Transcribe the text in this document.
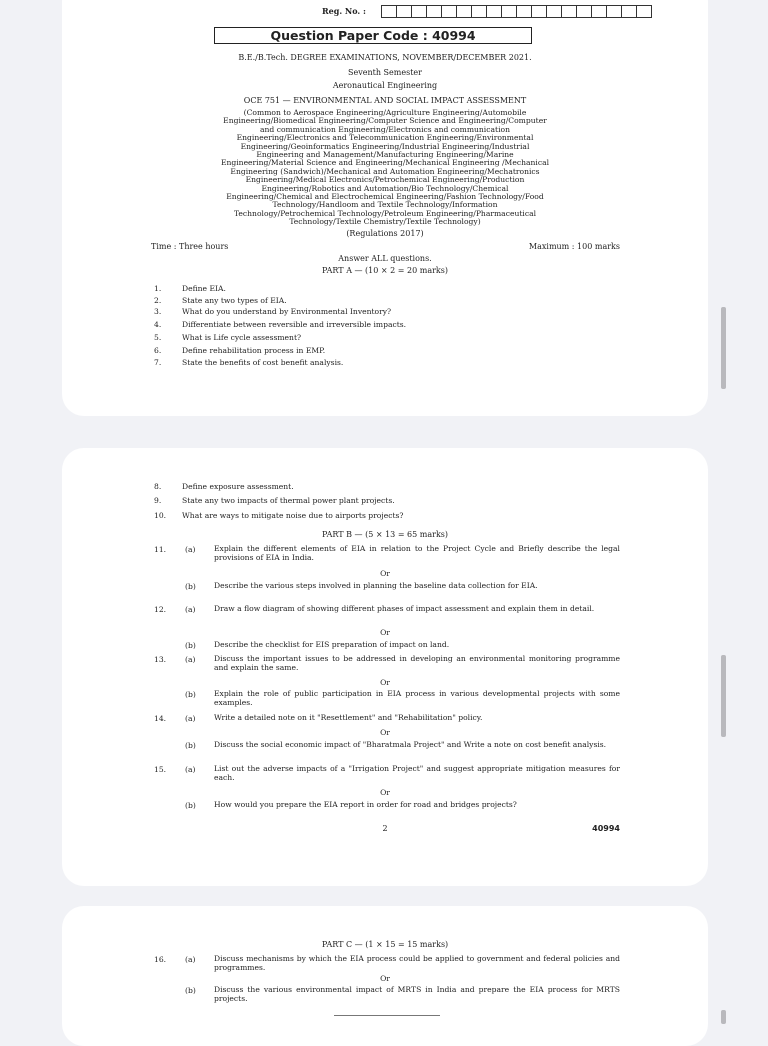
Reg. No. :
Question Paper Code : 40994
B.E./B.Tech. DEGREE EXAMINATIONS, NOVEMBER/DECEMBER 2021.
Seventh Semester
Aeronautical Engineering
OCE 751 — ENVIRONMENTAL AND SOCIAL IMPACT ASSESSMENT
(Common to Aerospace Engineering/Agriculture Engineering/Automobile
Engineering/Biomedical Engineering/Computer Science and Engineering/Computer
and communication Engineering/Electronics and communication
Engineering/Electronics and Telecommunication Engineering/Environmental
Engineering/Geoinformatics Engineering/Industrial Engineering/Industrial
Engineering and Management/Manufacturing Engineering/Marine
Engineering/Material Science and Engineering/Mechanical Engineering /Mechanical
Engineering (Sandwich)/Mechanical and Automation Engineering/Mechatronics
Engineering/Medical Electronics/Petrochemical Engineering/Production
Engineering/Robotics and Automation/Bio Technology/Chemical
Engineering/Chemical and Electrochemical Engineering/Fashion Technology/Food
Technology/Handloom and Textile Technology/Information
Technology/Petrochemical Technology/Petroleum Engineering/Pharmaceutical
Technology/Textile Chemistry/Textile Technology)
(Regulations 2017)
Time : Three hours	Maximum : 100 marks
Answer ALL questions.
PART A — (10 × 2 = 20 marks)
1.	Define EIA.
2.	State any two types of EIA.
3.	What do you understand by Environmental Inventory?
4.	Differentiate between reversible and irreversible impacts.
5.	What is Life cycle assessment?
6.	Define rehabilitation process in EMP.
7.	State the benefits of cost benefit analysis.
8.	Define exposure assessment.
9.	State any two impacts of thermal power plant projects.
10. What are ways to mitigate noise due to airports projects?
PART B — (5 × 13 = 65 marks)
11. (a) Explain the different elements of EIA in relation to the Project Cycle and Briefly describe the legal provisions of EIA in India.
Or
(b) Describe the various steps involved in planning the baseline data collection for EIA.
12. (a) Draw a flow diagram of showing different phases of impact assessment and explain them in detail.
Or
(b) Describe the checklist for EIS preparation of impact on land.
13. (a) Discuss the important issues to be addressed in developing an environmental monitoring programme and explain the same.
Or
(b) Explain the role of public participation in EIA process in various developmental projects with some examples.
14. (a) Write a detailed note on it "Resettlement" and "Rehabilitation" policy.
Or
(b) Discuss the social economic impact of "Bharatmala Project" and Write a note on cost benefit analysis.
15. (a) List out the adverse impacts of a "Irrigation Project" and suggest appropriate mitigation measures for each.
Or
(b) How would you prepare the EIA report in order for road and bridges projects?
2	40994
PART C — (1 × 15 = 15 marks)
16. (a) Discuss mechanisms by which the EIA process could be applied to government and federal policies and programmes.
Or
(b) Discuss the various environmental impact of MRTS in India and prepare the EIA process for MRTS projects.
